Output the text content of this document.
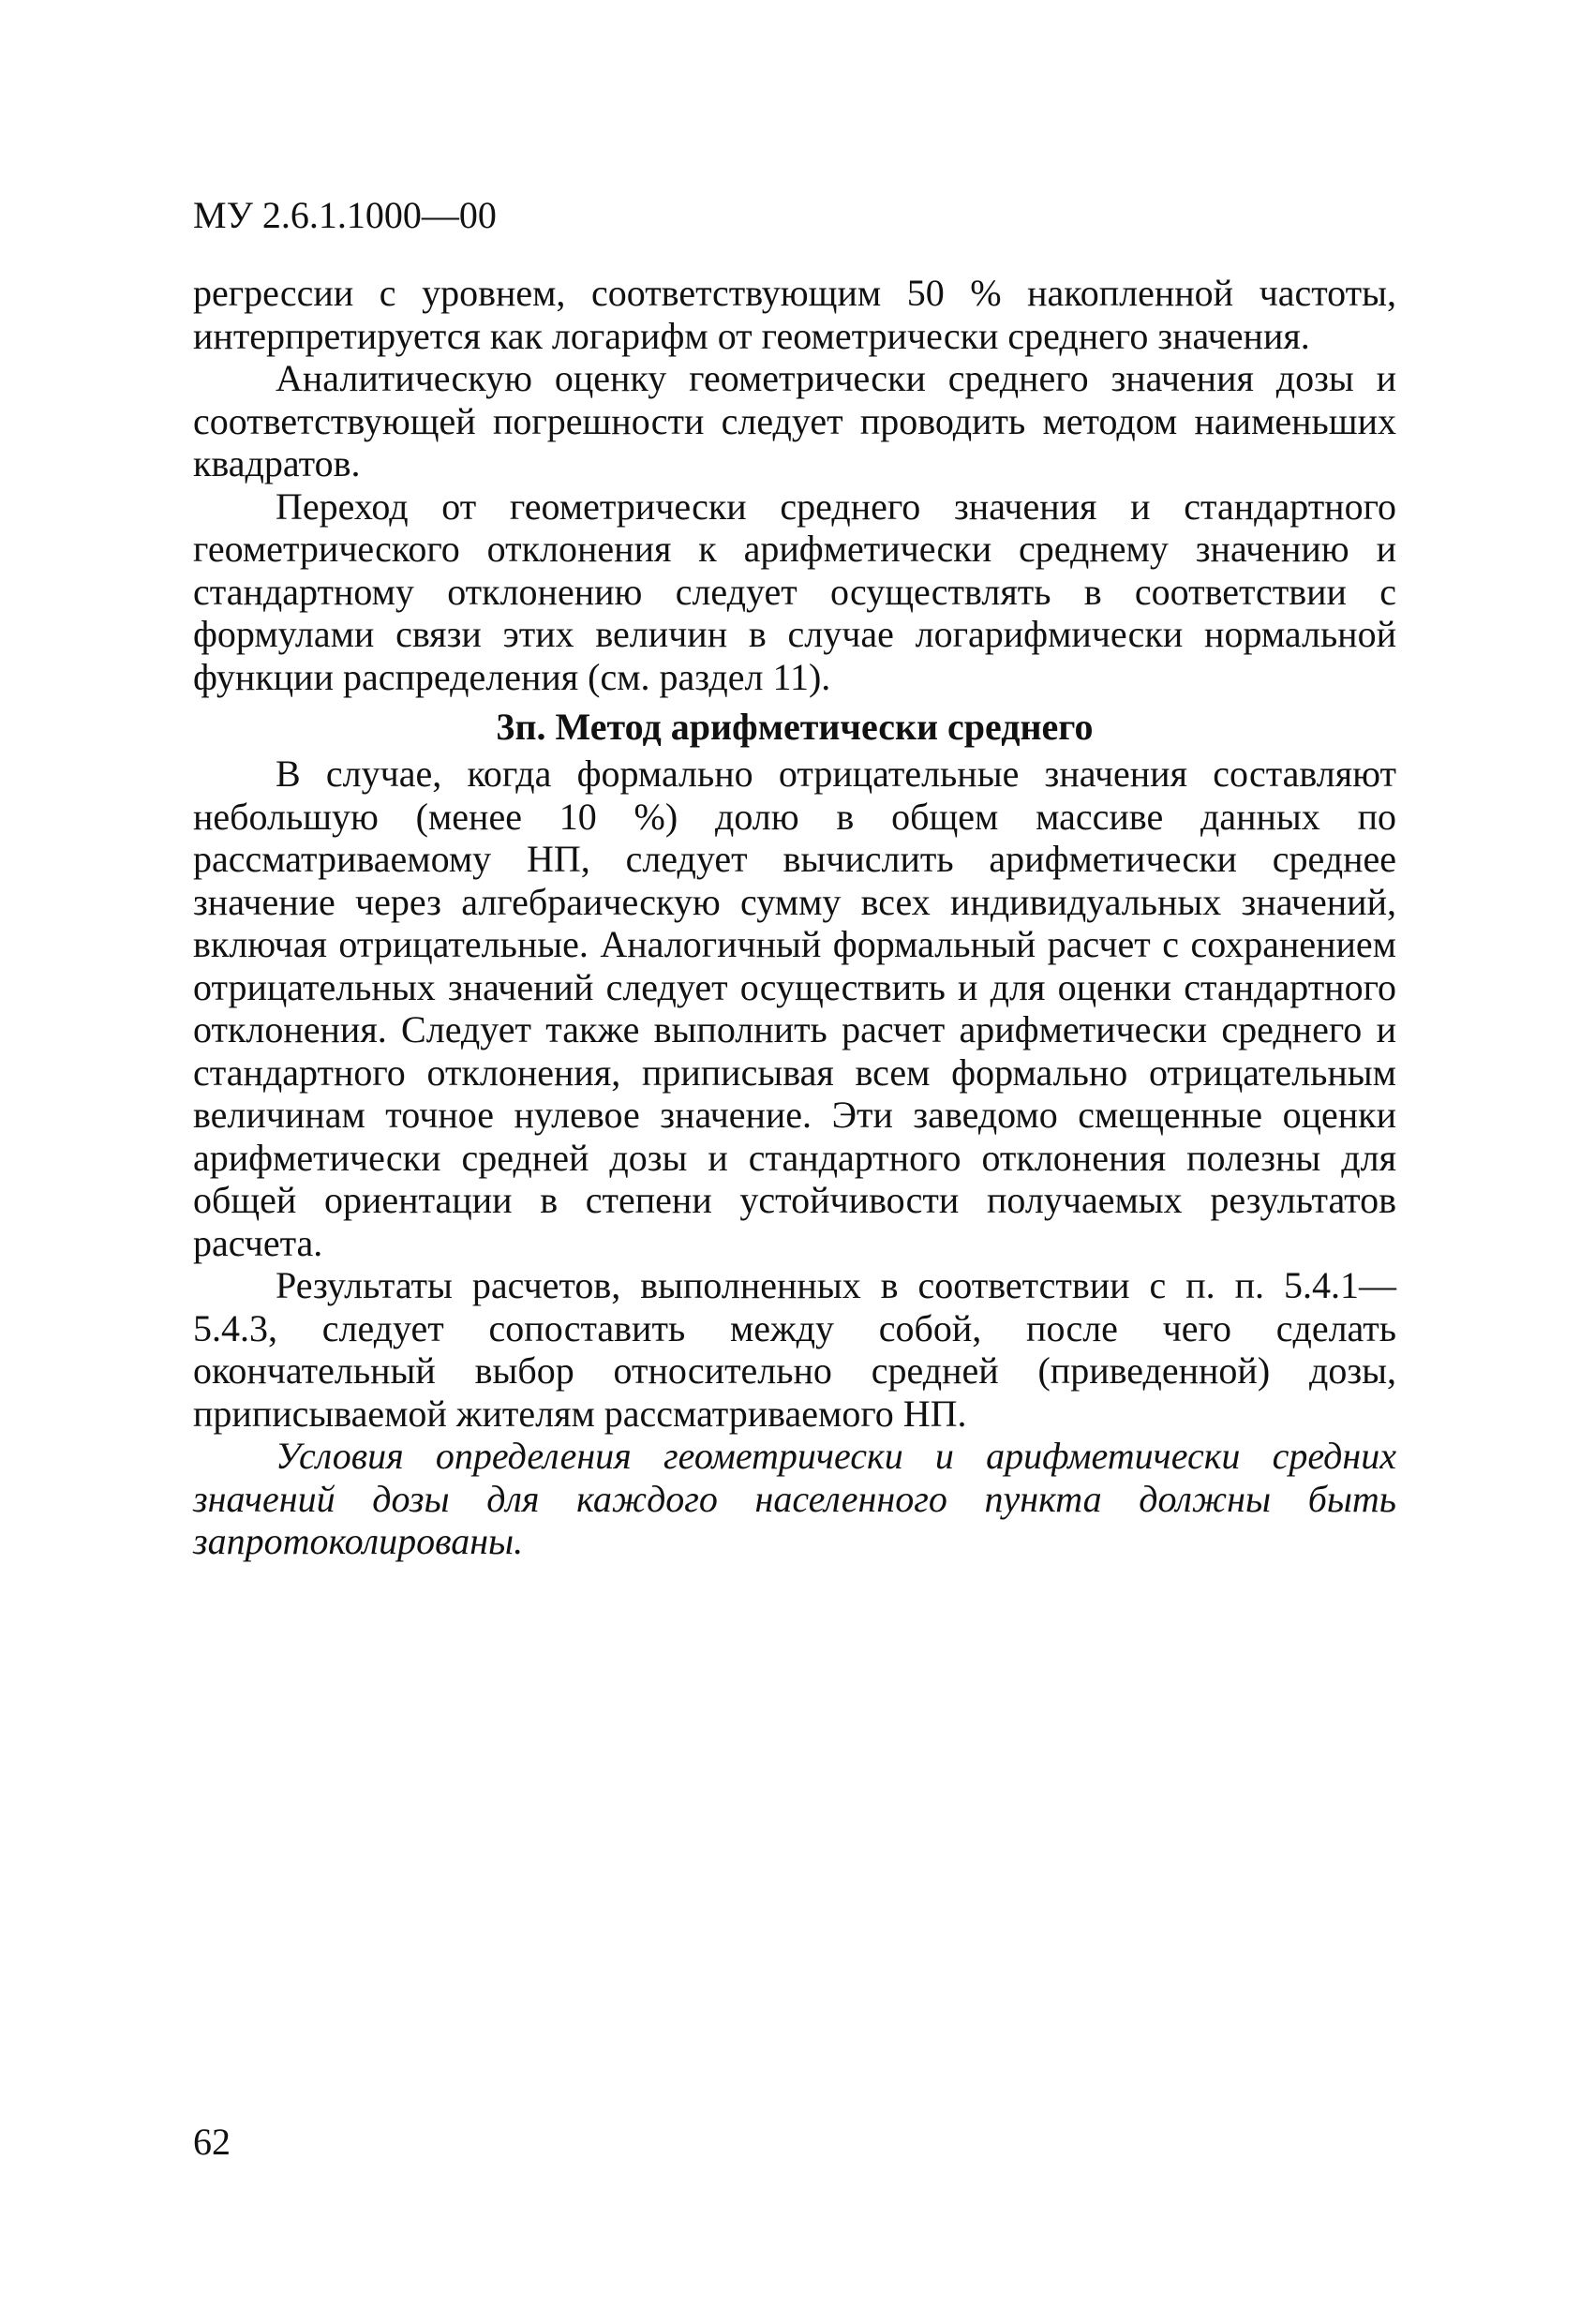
МУ 2.6.1.1000—00

регрессии с уровнем, соответствующим 50 % накопленной частоты, интерпретируется как логарифм от геометрически среднего значения.

Аналитическую оценку геометрически среднего значения дозы и соответствующей погрешности следует проводить методом наименьших квадратов.

Переход от геометрически среднего значения и стандартного геометрического отклонения к арифметически среднему значению и стандартному отклонению следует осуществлять в соответствии с формулами связи этих величин в случае логарифмически нормальной функции распределения (см. раздел 11).

3п. Метод арифметически среднего

В случае, когда формально отрицательные значения составляют небольшую (менее 10 %) долю в общем массиве данных по рассматриваемому НП, следует вычислить арифметически среднее значение через алгебраическую сумму всех индивидуальных значений, включая отрицательные. Аналогичный формальный расчет с сохранением отрицательных значений следует осуществить и для оценки стандартного отклонения. Следует также выполнить расчет арифметически среднего и стандартного отклонения, приписывая всем формально отрицательным величинам точное нулевое значение. Эти заведомо смещенные оценки арифметически средней дозы и стандартного отклонения полезны для общей ориентации в степени устойчивости получаемых результатов расчета.

Результаты расчетов, выполненных в соответствии с п. п. 5.4.1—5.4.3, следует сопоставить между собой, после чего сделать окончательный выбор относительно средней (приведенной) дозы, приписываемой жителям рассматриваемого НП.

Условия определения геометрически и арифметически средних значений дозы для каждого населенного пункта должны быть запротоколированы.

62
